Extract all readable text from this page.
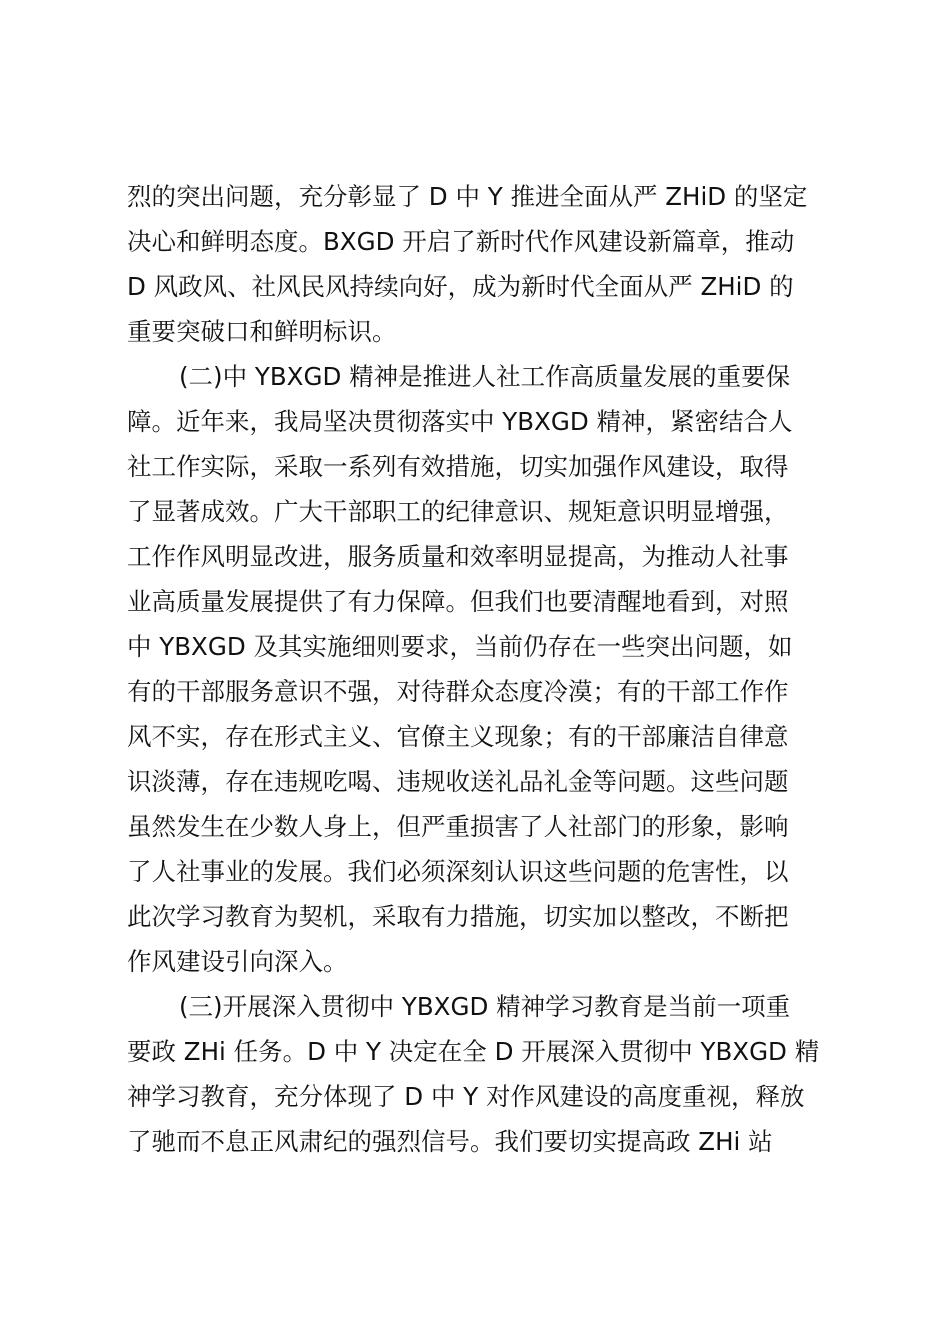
烈的突出问题，充分彰显了 D 中 Y 推进全面从严 ZHiD 的坚定
决心和鲜明态度。BXGD 开启了新时代作风建设新篇章，推动
D 风政风、社风民风持续向好，成为新时代全面从严 ZHiD 的
重要突破口和鲜明标识。
(二)中 YBXGD 精神是推进人社工作高质量发展的重要保
障。近年来，我局坚决贯彻落实中 YBXGD 精神，紧密结合人
社工作实际，采取一系列有效措施，切实加强作风建设，取得
了显著成效。广大干部职工的纪律意识、规矩意识明显增强，
工作作风明显改进，服务质量和效率明显提高，为推动人社事
业高质量发展提供了有力保障。但我们也要清醒地看到，对照
中 YBXGD 及其实施细则要求，当前仍存在一些突出问题，如
有的干部服务意识不强，对待群众态度冷漠；有的干部工作作
风不实，存在形式主义、官僚主义现象；有的干部廉洁自律意
识淡薄，存在违规吃喝、违规收送礼品礼金等问题。这些问题
虽然发生在少数人身上，但严重损害了人社部门的形象，影响
了人社事业的发展。我们必须深刻认识这些问题的危害性，以
此次学习教育为契机，采取有力措施，切实加以整改，不断把
作风建设引向深入。
(三)开展深入贯彻中 YBXGD 精神学习教育是当前一项重
要政 ZHi 任务。D 中 Y 决定在全 D 开展深入贯彻中 YBXGD 精
神学习教育，充分体现了 D 中 Y 对作风建设的高度重视，释放
了驰而不息正风肃纪的强烈信号。我们要切实提高政 ZHi 站
